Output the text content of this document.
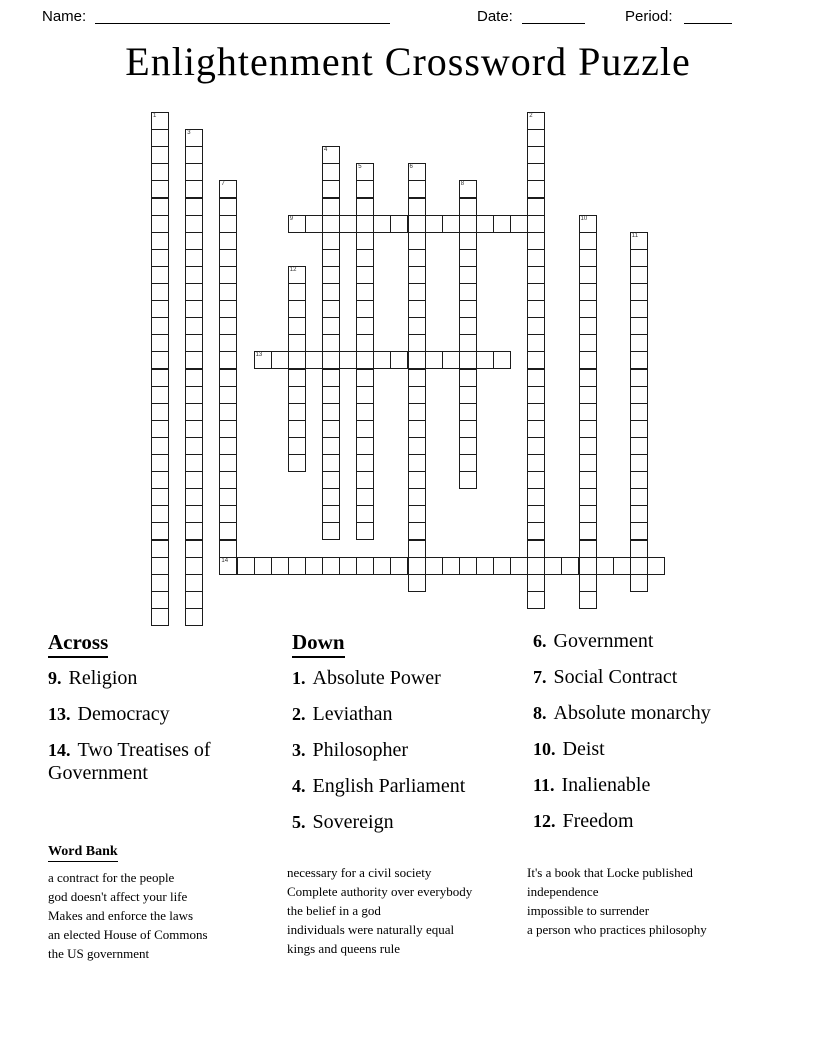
Name:	Date:	Period:
Enlightenment Crossword Puzzle
1	2
3
4
5	6
7	8
9	10
11
12
13
14
Across
9. Religion
13. Democracy
14. Two Treatises of Government
Down
1. Absolute Power
2. Leviathan
3. Philosopher
4. English Parliament
5. Sovereign
6. Government
7. Social Contract
8. Absolute monarchy
10. Deist
11. Inalienable
12. Freedom
Word Bank
a contract for the people
god doesn't affect your life
Makes and enforce the laws
an elected House of Commons
the US government
necessary for a civil society
Complete authority over everybody
the belief in a god
individuals were naturally equal
kings and queens rule
It's a book that Locke published
independence
impossible to surrender
a person who practices philosophy
